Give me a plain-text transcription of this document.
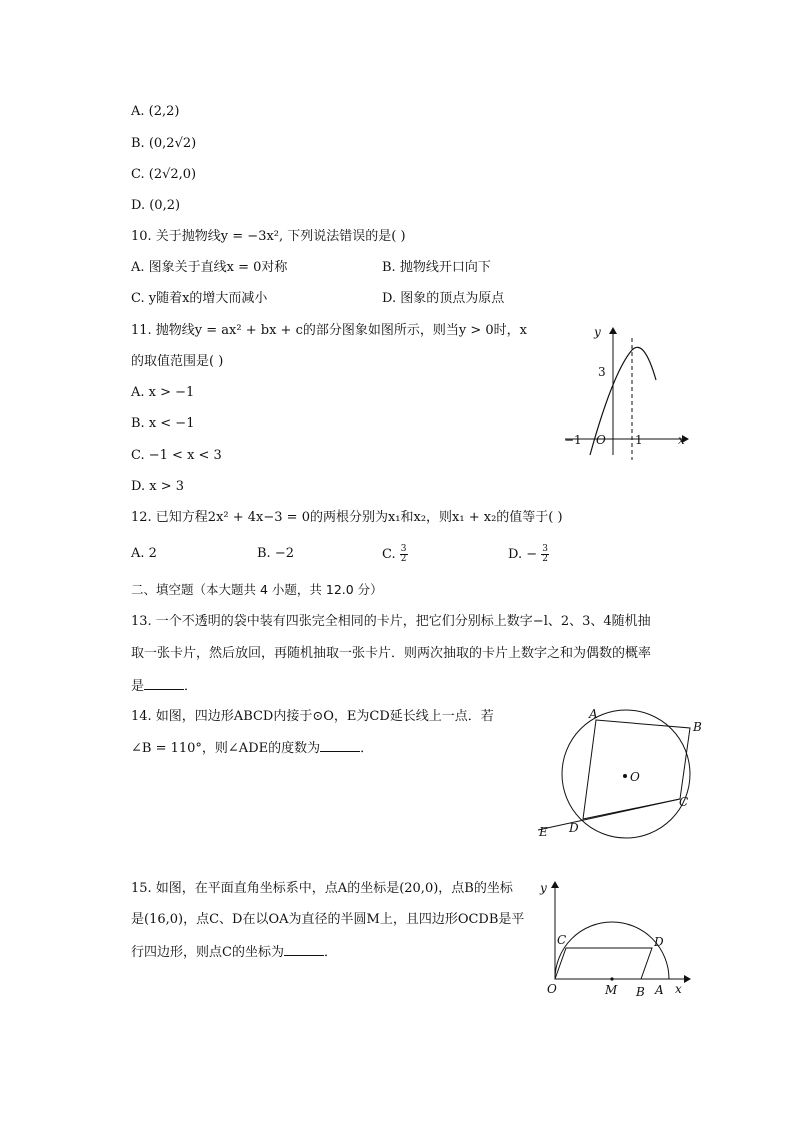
A. (2,2)
B. (0,2√2)
C. (2√2,0)
D. (0,2)
10. 关于抛物线y = −3x², 下列说法错误的是( )
A. 图象关于直线x = 0对称	B. 抛物线开口向下
C. y随着x的增大而减小	D. 图象的顶点为原点
11. 抛物线y = ax² + bx + c的部分图象如图所示，则当y > 0时，x
的取值范围是( )
A. x > −1
B. x < −1
C. −1 < x < 3
D. x > 3
y
x
3
−1 O 1
12. 已知方程2x² + 4x−3 = 0的两根分别为x₁和x₂，则x₁ + x₂的值等于( )
A. 2	B. −2	C. $\frac{3}{2}$	D. − $\frac{3}{2}$
二、填空题（本大题共 4 小题，共 12.0 分）
13. 一个不透明的袋中装有四张完全相同的卡片，把它们分别标上数字−l、2、3、4随机抽
取一张卡片，然后放回，再随机抽取一张卡片．则两次抽取的卡片上数字之和为偶数的概率
是	．
14. 如图，四边形ABCD内接于⊙O，E为CD延长线上一点．若
∠B = 110°，则∠ADE的度数为	．
A
B
C
D
E
O
15. 如图，在平面直角坐标系中，点A的坐标是(20,0)，点B的坐标
是(16,0)，点C、D在以OA为直径的半圆M上，且四边形OCDB是平
行四边形，则点C的坐标为	．
y
x
C	D
O	M B A
